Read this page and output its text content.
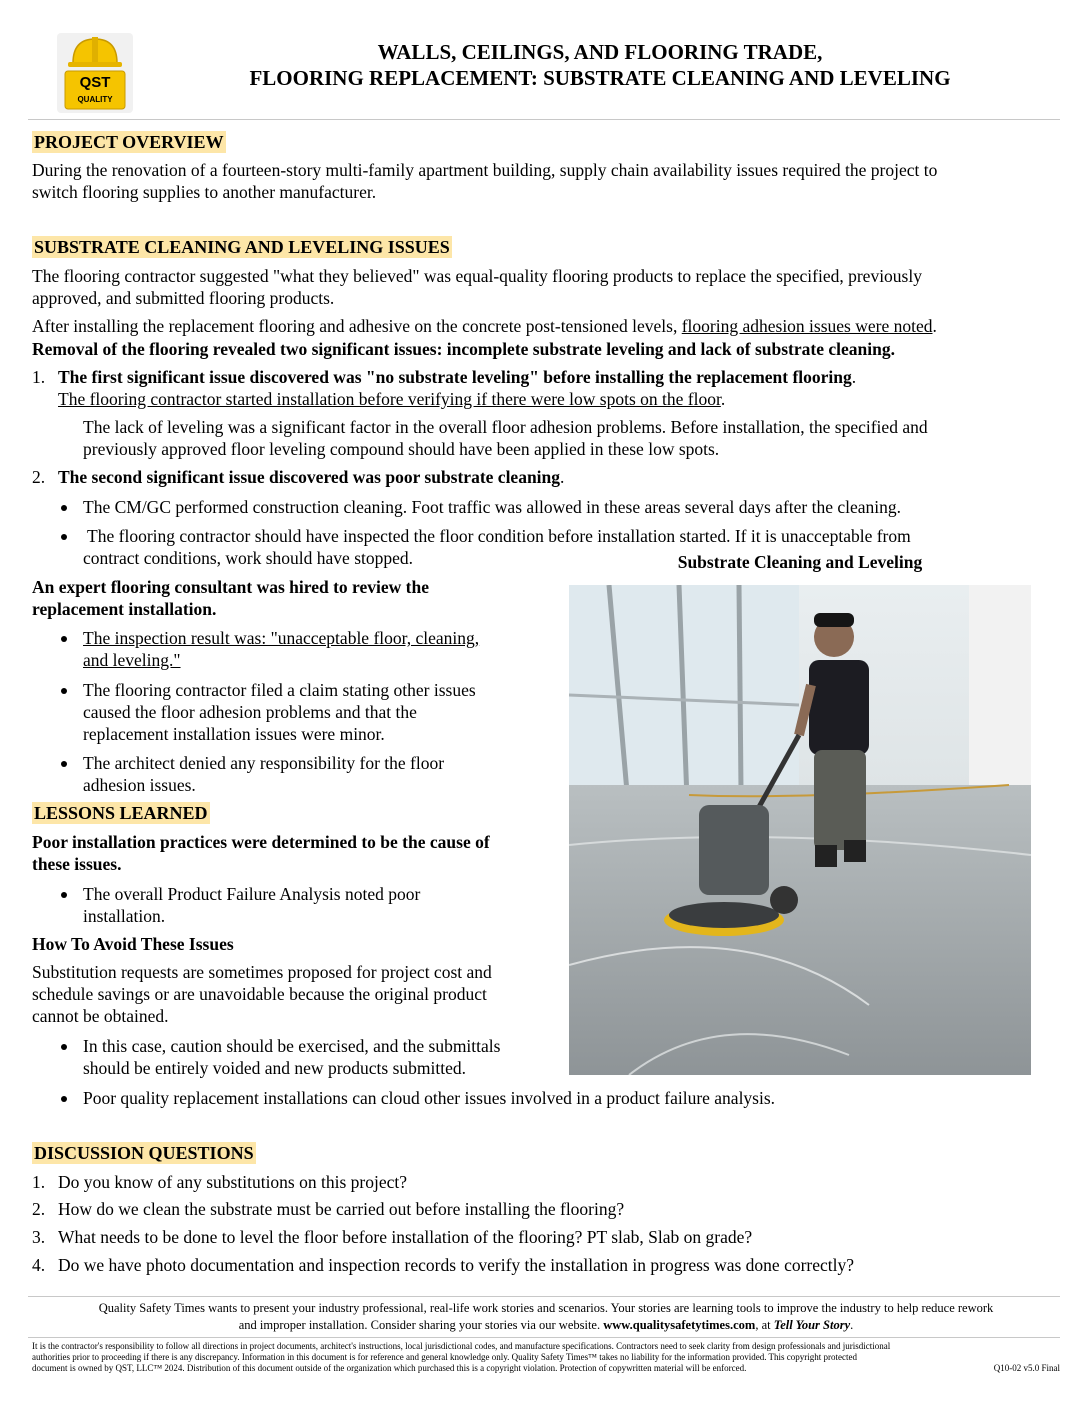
QST
QUALITY
WALLS, CEILINGS, AND FLOORING TRADE,
FLOORING REPLACEMENT: SUBSTRATE CLEANING AND LEVELING
PROJECT OVERVIEW
During the renovation of a fourteen-story multi-family apartment building, supply chain availability issues required the project to
switch flooring supplies to another manufacturer.
SUBSTRATE CLEANING AND LEVELING ISSUES
The flooring contractor suggested "what they believed" was equal-quality flooring products to replace the specified, previously
approved, and submitted flooring products.
After installing the replacement flooring and adhesive on the concrete post-tensioned levels, flooring adhesion issues were noted.
Removal of the flooring revealed two significant issues: incomplete substrate leveling and lack of substrate cleaning.
1. The first significant issue discovered was "no substrate leveling" before installing the replacement flooring.
The flooring contractor started installation before verifying if there were low spots on the floor.
The lack of leveling was a significant factor in the overall floor adhesion problems. Before installation, the specified and
previously approved floor leveling compound should have been applied in these low spots.
2. The second significant issue discovered was poor substrate cleaning.
The CM/GC performed construction cleaning. Foot traffic was allowed in these areas several days after the cleaning.
The flooring contractor should have inspected the floor condition before installation started. If it is unacceptable from
contract conditions, work should have stopped.	Substrate Cleaning and Leveling
An expert flooring consultant was hired to review the
replacement installation.
The inspection result was: "unacceptable floor, cleaning,
and leveling."
The flooring contractor filed a claim stating other issues
caused the floor adhesion problems and that the
replacement installation issues were minor.
The architect denied any responsibility for the floor
adhesion issues.
LESSONS LEARNED
Poor installation practices were determined to be the cause of
these issues.
The overall Product Failure Analysis noted poor
installation.
How To Avoid These Issues
Substitution requests are sometimes proposed for project cost and
schedule savings or are unavoidable because the original product
cannot be obtained.
In this case, caution should be exercised, and the submittals
should be entirely voided and new products submitted.
Poor quality replacement installations can cloud other issues involved in a product failure analysis.
DISCUSSION QUESTIONS
1. Do you know of any substitutions on this project?
2. How do we clean the substrate must be carried out before installing the flooring?
3. What needs to be done to level the floor before installation of the flooring? PT slab, Slab on grade?
4. Do we have photo documentation and inspection records to verify the installation in progress was done correctly?
Quality Safety Times wants to present your industry professional, real-life work stories and scenarios. Your stories are learning tools to improve the industry to help reduce rework
and improper installation. Consider sharing your stories via our website. www.qualitysafetytimes.com, at Tell Your Story.
It is the contractor's responsibility to follow all directions in project documents, architect's instructions, local jurisdictional codes, and manufacture specifications. Contractors need to seek clarity from design professionals and jurisdictional
authorities prior to proceeding if there is any discrepancy. Information in this document is for reference and general knowledge only. Quality Safety Times™ takes no liability for the information provided. This copyright protected
document is owned by QST, LLC™ 2024. Distribution of this document outside of the organization which purchased this is a copyright violation. Protection of copywritten material will be enforced.	Q10-02 v5.0 Final
